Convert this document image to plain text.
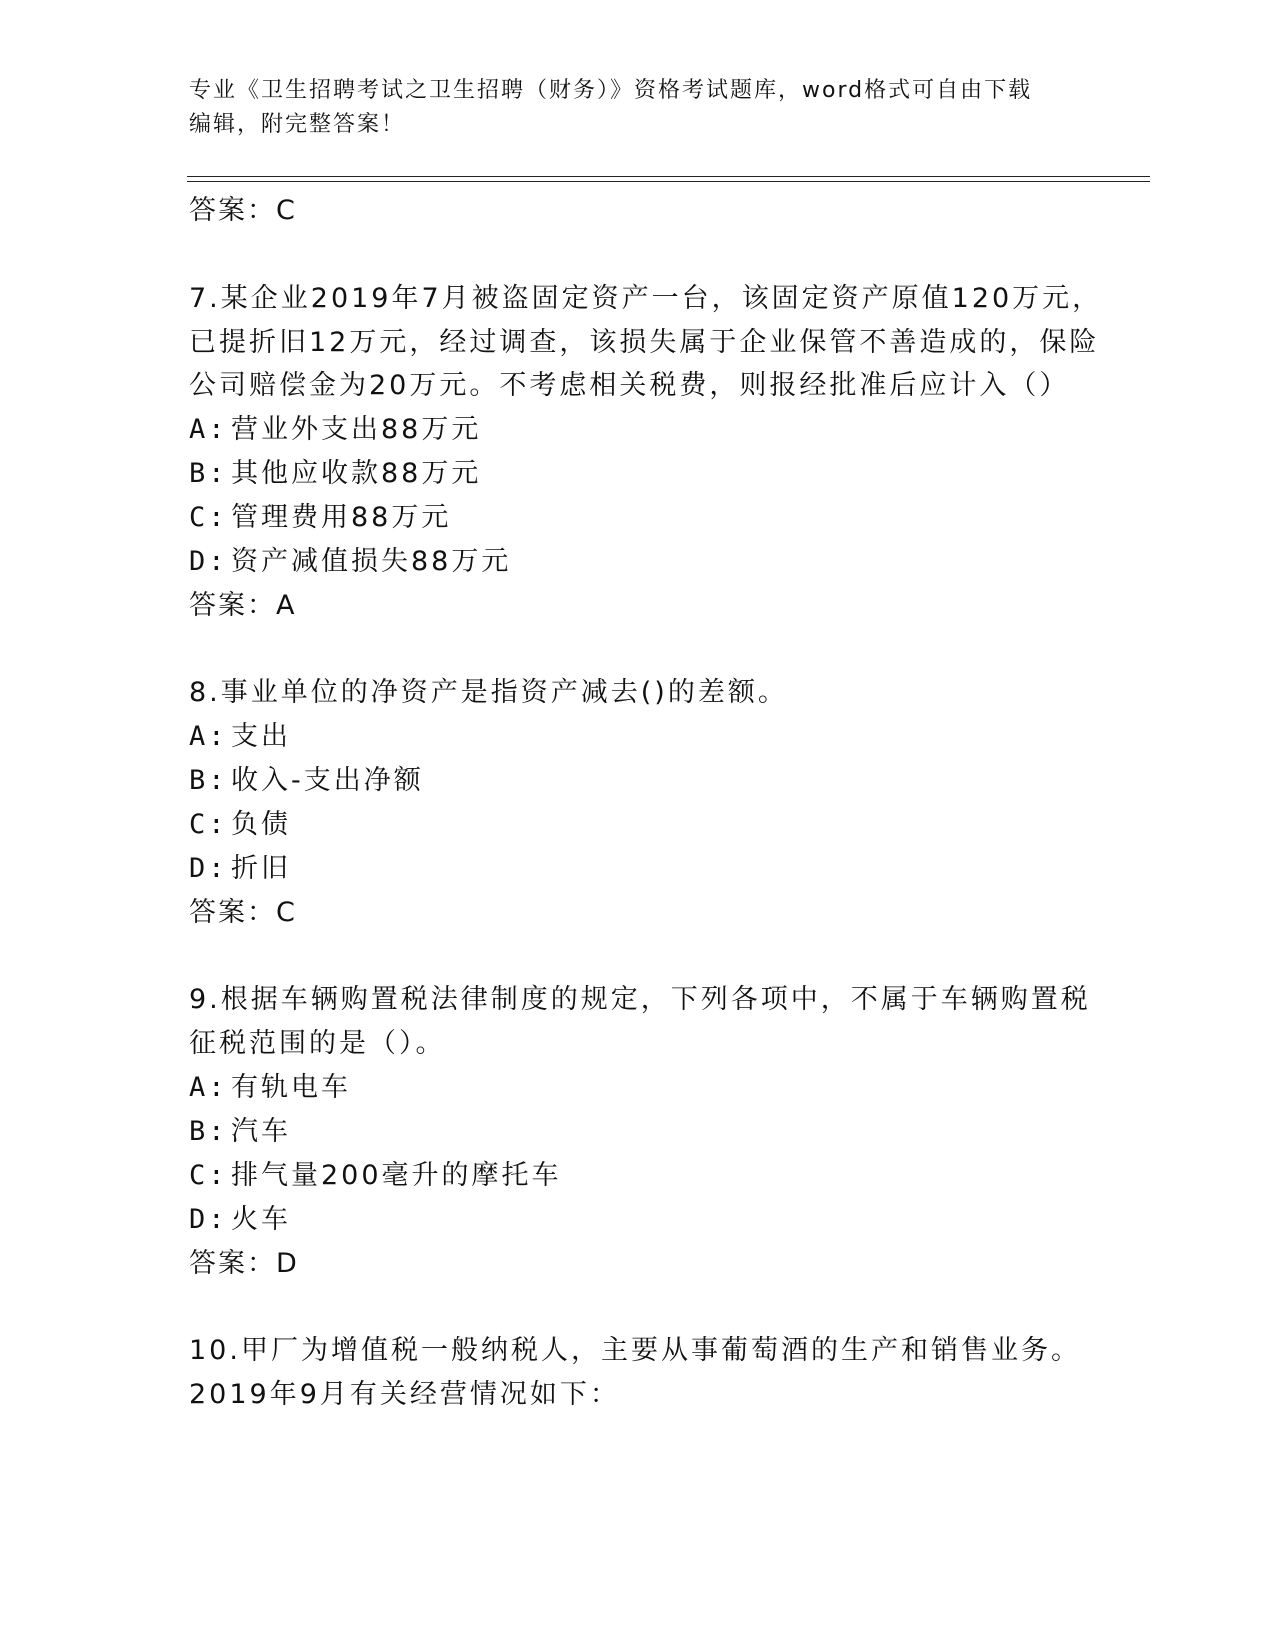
专业《卫生招聘考试之卫生招聘（财务）》资格考试题库，word格式可自由下载
编辑，附完整答案！
答案：C
7.某企业2019年7月被盗固定资产一台，该固定资产原值120万元，
已提折旧12万元，经过调查，该损失属于企业保管不善造成的，保险
公司赔偿金为20万元。不考虑相关税费，则报经批准后应计入（）
A: 营业外支出88万元
B: 其他应收款88万元
C: 管理费用88万元
D: 资产减值损失88万元
答案：A
8.事业单位的净资产是指资产减去()的差额。
A: 支出
B: 收入-支出净额
C: 负债
D: 折旧
答案：C
9.根据车辆购置税法律制度的规定，下列各项中，不属于车辆购置税
征税范围的是（）。
A: 有轨电车
B: 汽车
C: 排气量200毫升的摩托车
D: 火车
答案：D
10.甲厂为增值税一般纳税人，主要从事葡萄酒的生产和销售业务。
2019年9月有关经营情况如下：
